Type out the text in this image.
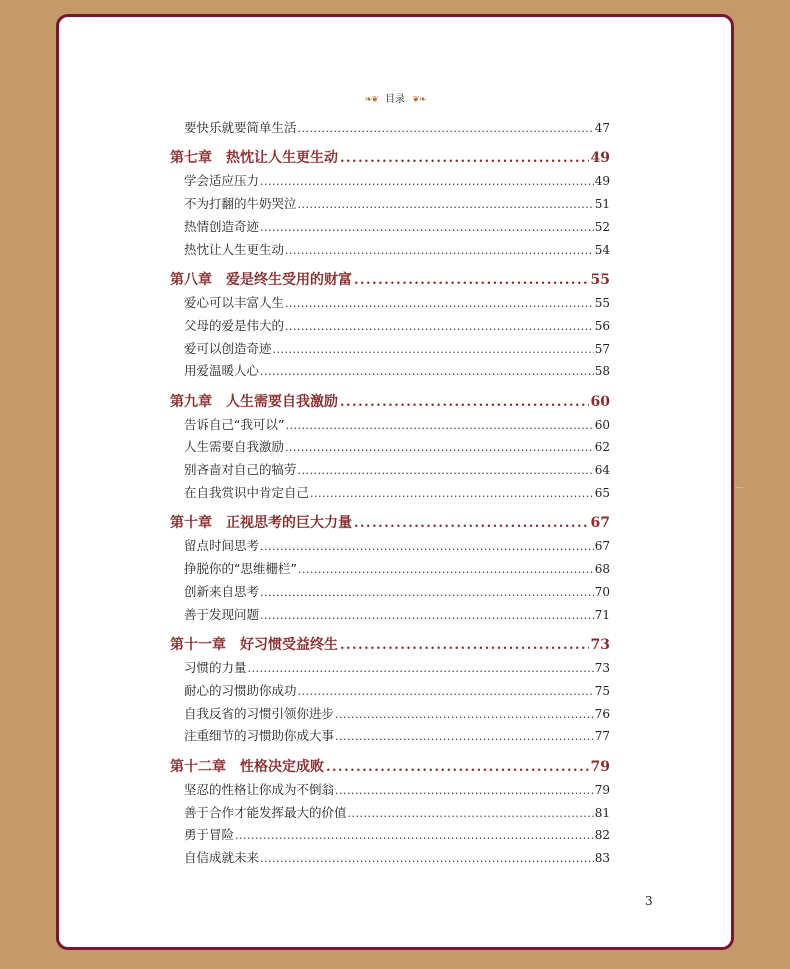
❧❦ 目录 ❦❧
要快乐就要简单生活 .....	47
第七章 热忱让人生更生动 .....	49
学会适应压力 .....	49
不为打翻的牛奶哭泣 .....	51
热情创造奇迹 .....	52
热忱让人生更生动 .....	54
第八章 爱是终生受用的财富 .....	55
爱心可以丰富人生 .....	55
父母的爱是伟大的 .....	56
爱可以创造奇迹 .....	57
用爱温暖人心 .....	58
第九章 人生需要自我激励 .....	60
告诉自己“我可以” .....	60
人生需要自我激励 .....	62
别吝啬对自己的犒劳 .....	64
在自我赏识中肯定自己 .....	65
第十章 正视思考的巨大力量 .....	67
留点时间思考 .....	67
挣脱你的“思维栅栏” .....	68
创新来自思考 .....	70
善于发现问题 .....	71
第十一章 好习惯受益终生 .....	73
习惯的力量 .....	73
耐心的习惯助你成功 .....	75
自我反省的习惯引领你进步 .....	76
注重细节的习惯助你成大事 .....	77
第十二章 性格决定成败 .....	79
坚忍的性格让你成为不倒翁 .....	79
善于合作才能发挥最大的价值 .....	81
勇于冒险 .....	82
自信成就未来 .....	83
3
